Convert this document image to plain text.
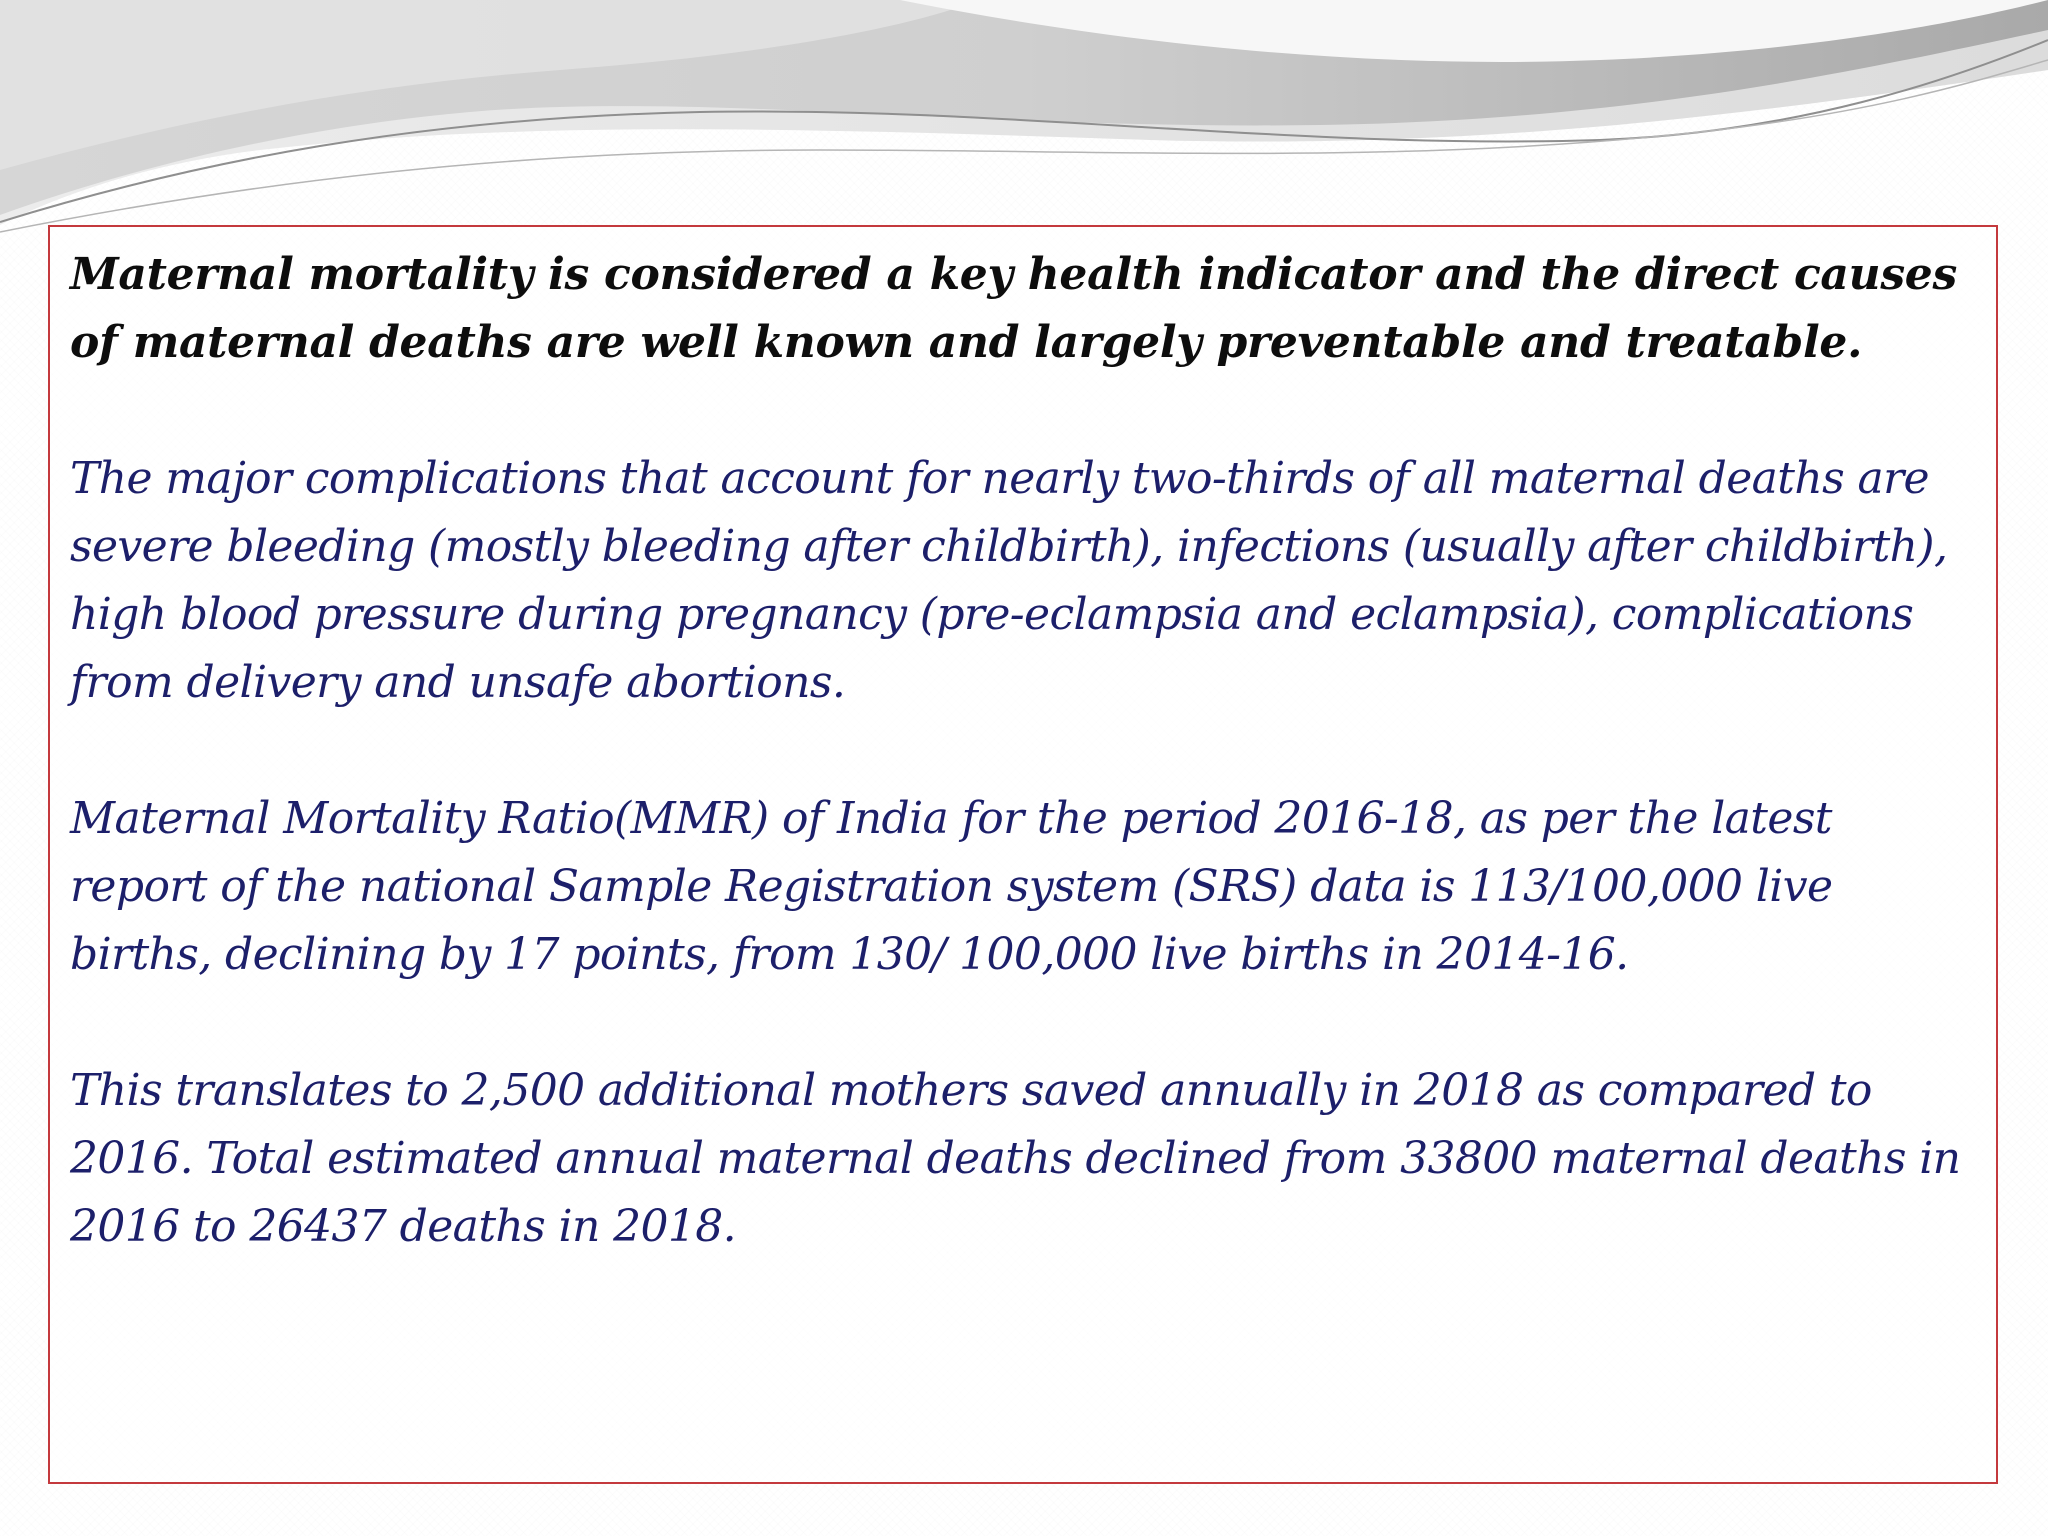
Maternal mortality is considered a key health indicator and the direct causes of maternal deaths are well known and largely preventable and treatable.

The major complications that account for nearly two-thirds of all maternal deaths are severe bleeding (mostly bleeding after childbirth), infections (usually after childbirth), high blood pressure during pregnancy (pre-eclampsia and eclampsia), complications from delivery and unsafe abortions.

Maternal Mortality Ratio(MMR) of India for the period 2016-18, as per the latest report of the national Sample Registration system (SRS) data is 113/100,000 live births, declining by 17 points, from 130/ 100,000 live births in 2014-16.

This translates to 2,500 additional mothers saved annually in 2018 as compared to 2016. Total estimated annual maternal deaths declined from 33800 maternal deaths in 2016 to 26437 deaths in 2018.
